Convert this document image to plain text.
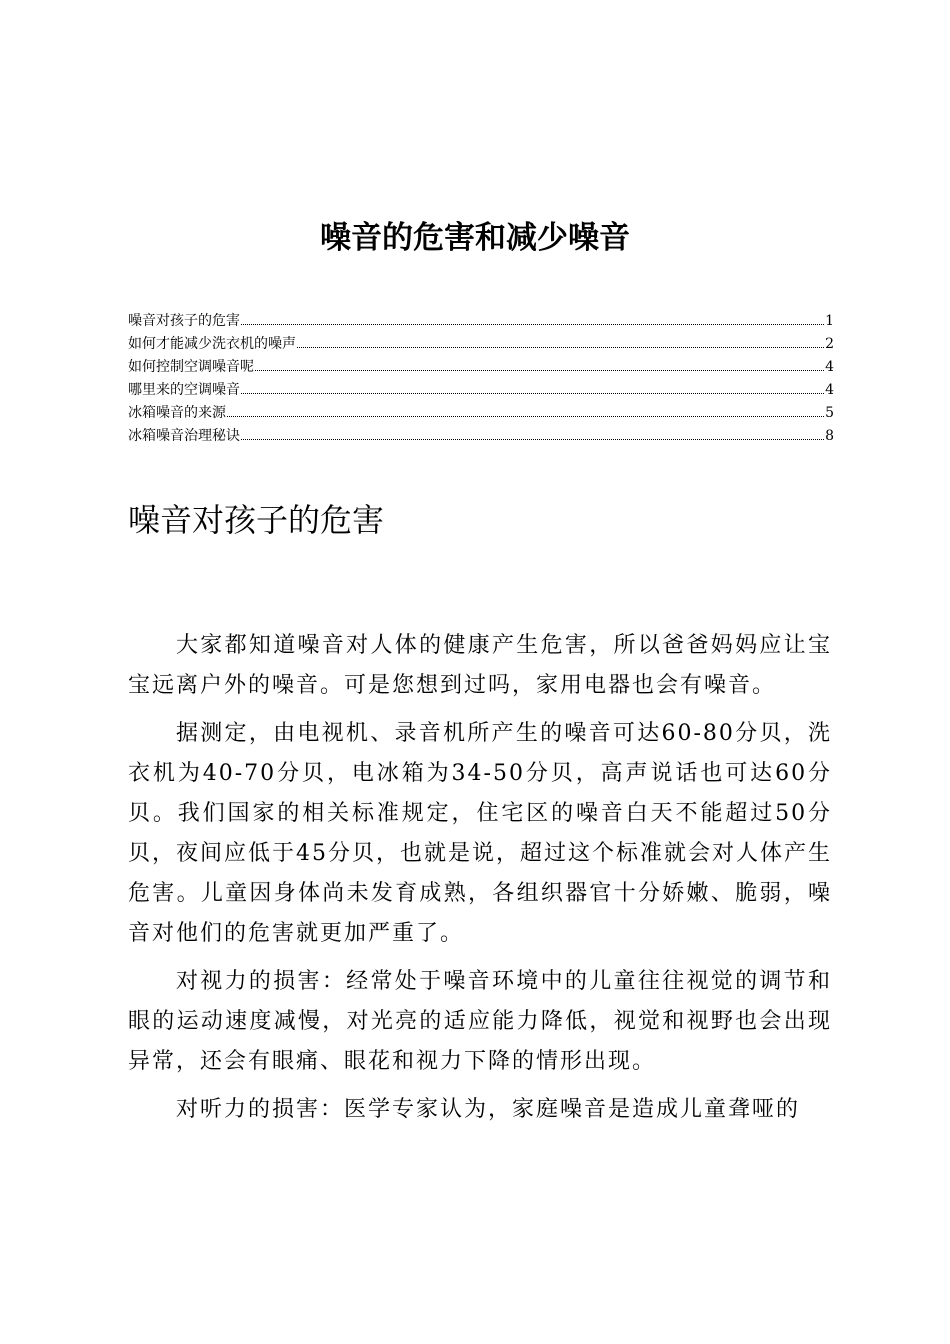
噪音的危害和减少噪音
噪音对孩子的危害	1
如何才能减少洗衣机的噪声	2
如何控制空调噪音呢	4
哪里来的空调噪音	4
冰箱噪音的来源	5
冰箱噪音治理秘诀	8
噪音对孩子的危害

大家都知道噪音对人体的健康产生危害，所以爸爸妈妈应让宝宝远离户外的噪音。可是您想到过吗，家用电器也会有噪音。

据测定，由电视机、录音机所产生的噪音可达60-80分贝，洗衣机为40-70分贝，电冰箱为34-50分贝，高声说话也可达60分贝。我们国家的相关标准规定，住宅区的噪音白天不能超过50分贝，夜间应低于45分贝，也就是说，超过这个标准就会对人体产生危害。儿童因身体尚未发育成熟，各组织器官十分娇嫩、脆弱，噪音对他们的危害就更加严重了。

对视力的损害：经常处于噪音环境中的儿童往往视觉的调节和眼的运动速度减慢，对光亮的适应能力降低，视觉和视野也会出现异常，还会有眼痛、眼花和视力下降的情形出现。

对听力的损害：医学专家认为，家庭噪音是造成儿童聋哑的
